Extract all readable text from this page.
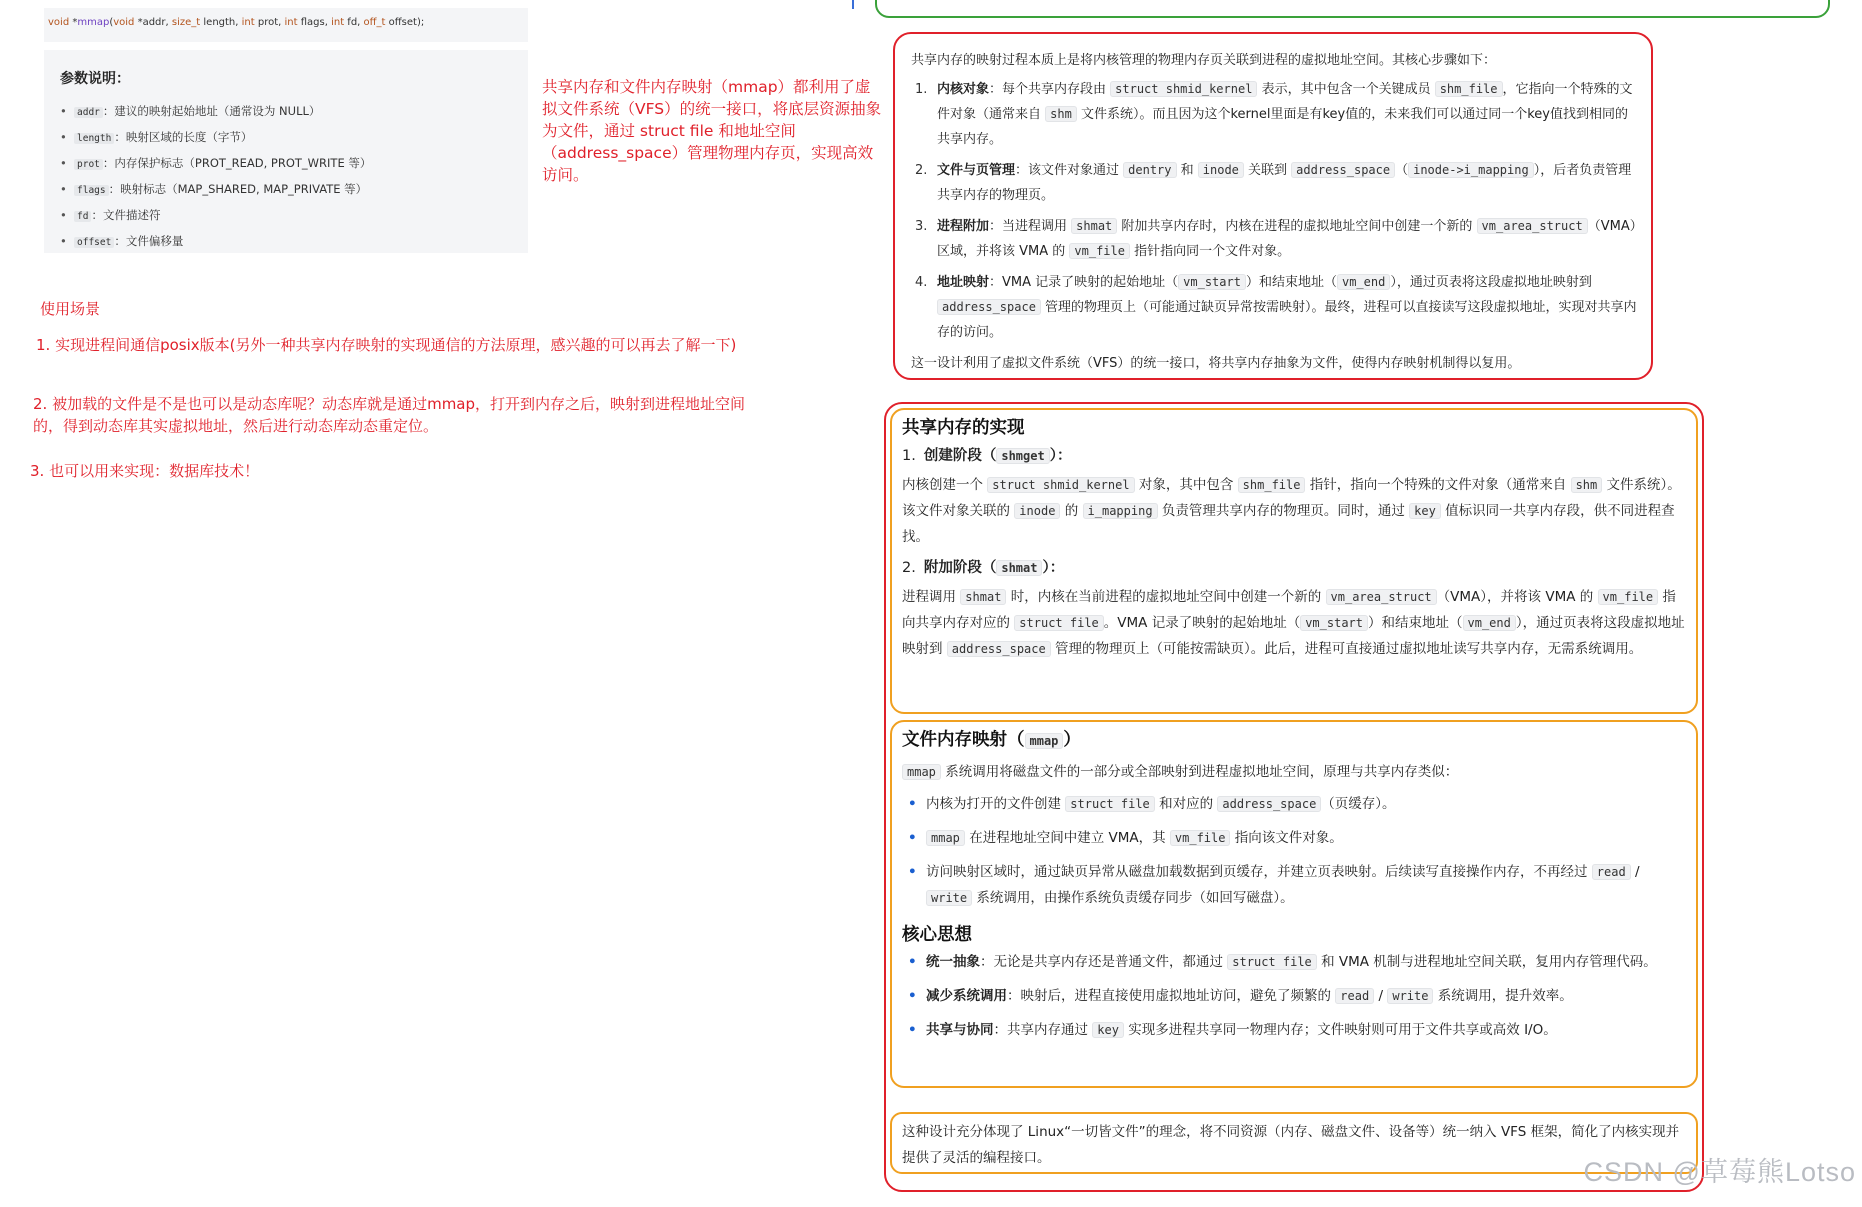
void *mmap(void *addr, size_t length, int prot, int flags, int fd, off_t offset);
参数说明：
• addr ：建议的映射起始地址（通常设为 NULL）
• length ：映射区域的长度（字节）
• prot ：内存保护标志（PROT_READ, PROT_WRITE 等）
• flags ：映射标志（MAP_SHARED, MAP_PRIVATE 等）
• fd ：文件描述符
• offset ：文件偏移量
共享内存和文件内存映射（mmap）都利用了虚拟文件系统（VFS）的统一接口，将底层资源抽象为文件，通过 struct file 和地址空间（address_space）管理物理内存页，实现高效访问。
使用场景
1. 实现进程间通信posix版本(另外一种共享内存映射的实现通信的方法原理，感兴趣的可以再去了解一下)
2. 被加载的文件是不是也可以是动态库呢？动态库就是通过mmap，打开到内存之后，映射到进程地址空间的，得到动态库其实虚拟地址，然后进行动态库动态重定位。
3. 也可以用来实现：数据库技术！

共享内存的映射过程本质上是将内核管理的物理内存页关联到进程的虚拟地址空间。其核心步骤如下：

1. 内核对象：每个共享内存段由 struct shmid_kernel 表示，其中包含一个关键成员 shm_file ，它指向一个特殊的文件对象（通常来自 shm 文件系统）。而且因为这个kernel里面是有key值的，未来我们可以通过同一个key值找到相同的共享内存。
2. 文件与页管理：该文件对象通过 dentry 和 inode 关联到 address_space （ inode->i_mapping ），后者负责管理共享内存的物理页。
3. 进程附加：当进程调用 shmat 附加共享内存时，内核在进程的虚拟地址空间中创建一个新的 vm_area_struct （VMA）区域，并将该 VMA 的 vm_file 指针指向同一个文件对象。
4. 地址映射：VMA 记录了映射的起始地址（ vm_start ）和结束地址（ vm_end ），通过页表将这段虚拟地址映射到 address_space 管理的物理页上（可能通过缺页异常按需映射）。最终，进程可以直接读写这段虚拟地址，实现对共享内存的访问。

这一设计利用了虚拟文件系统（VFS）的统一接口，将共享内存抽象为文件，使得内存映射机制得以复用。

共享内存的实现
1. 创建阶段（ shmget ）：

内核创建一个 struct shmid_kernel 对象，其中包含 shm_file 指针，指向一个特殊的文件对象（通常来自 shm 文件系统）。该文件对象关联的 inode 的 i_mapping 负责管理共享内存的物理页。同时，通过 key 值标识同一共享内存段，供不同进程查找。

2. 附加阶段（ shmat ）：

进程调用 shmat 时，内核在当前进程的虚拟地址空间中创建一个新的 vm_area_struct （VMA），并将该 VMA 的 vm_file 指向共享内存对应的 struct file 。VMA 记录了映射的起始地址（ vm_start ）和结束地址（ vm_end ），通过页表将这段虚拟地址映射到 address_space 管理的物理页上（可能按需缺页）。此后，进程可直接通过虚拟地址读写共享内存，无需系统调用。

文件内存映射（ mmap ）

mmap 系统调用将磁盘文件的一部分或全部映射到进程虚拟地址空间，原理与共享内存类似：

• 内核为打开的文件创建 struct file 和对应的 address_space （页缓存）。
• mmap 在进程地址空间中建立 VMA，其 vm_file 指向该文件对象。
• 访问映射区域时，通过缺页异常从磁盘加载数据到页缓存，并建立页表映射。后续读写直接操作内存，不再经过 read / write 系统调用，由操作系统负责缓存同步（如回写磁盘）。
核心思想
• 统一抽象：无论是共享内存还是普通文件，都通过 struct file 和 VMA 机制与进程地址空间关联，复用内存管理代码。
• 减少系统调用：映射后，进程直接使用虚拟地址访问，避免了频繁的 read / write 系统调用，提升效率。
• 共享与协同：共享内存通过 key 实现多进程共享同一物理内存；文件映射则可用于文件共享或高效 I/O。

这种设计充分体现了 Linux“一切皆文件”的理念，将不同资源（内存、磁盘文件、设备等）统一纳入 VFS 框架，简化了内核实现并提供了灵活的编程接口。	CSDN @草莓熊Lotso
